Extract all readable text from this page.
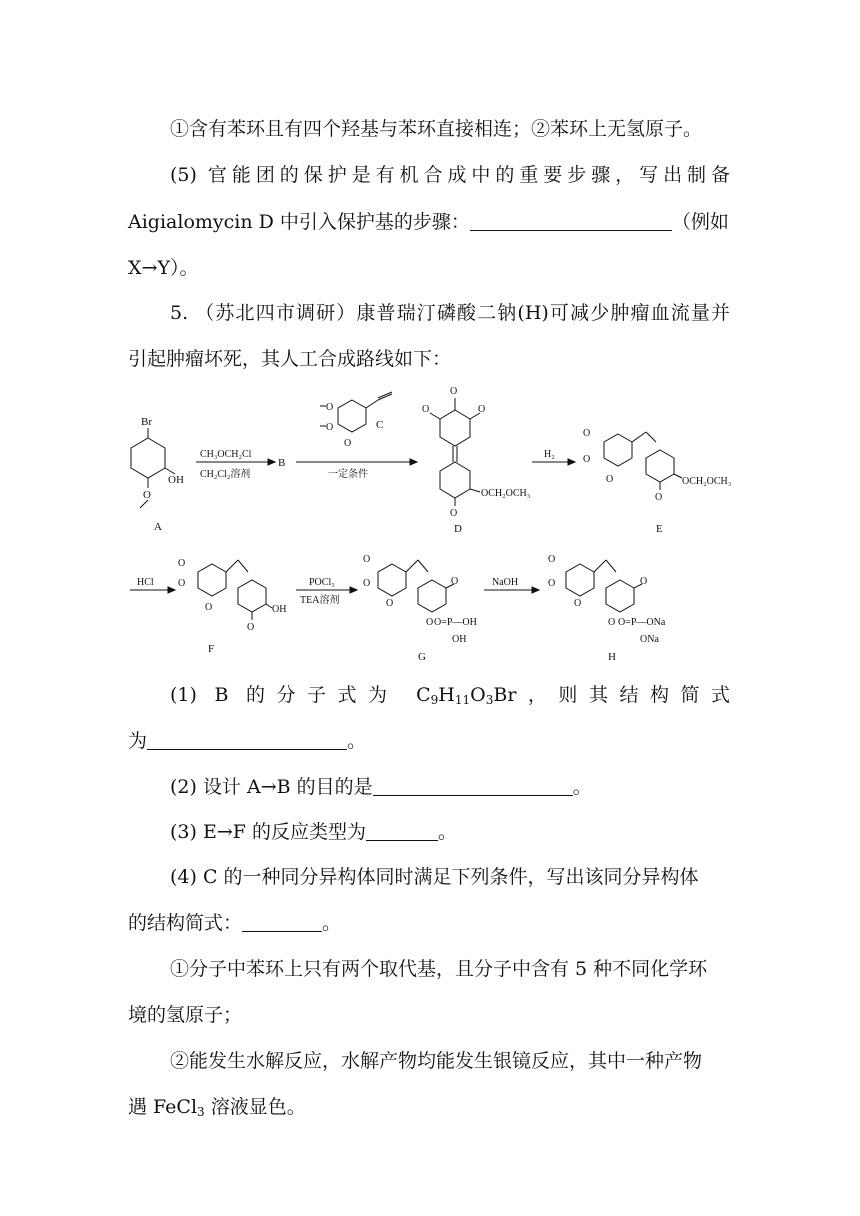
①含有苯环且有四个羟基与苯环直接相连；②苯环上无氢原子。
(5) 官能团的保护是有机合成中的重要步骤，写出制备
Aigialomycin D 中引入保护基的步骤：	（例如
X→Y）。
5. （苏北四市调研）康普瑞汀磷酸二钠(H)可减少肿瘤血流量并
引起肿瘤坏死，其人工合成路线如下：
Br
OH
O
A
CH₃OCH₂Cl
CH₂Cl₂溶剂
B
O
O
O
C
一定条件
O
O	O
OCH₂OCH₃
O
D
H₂
O
O
O	OCH₂OCH₃
O
E
HCl
O
O
O	OH
O
F
POCl₃
TEA溶剂
O
O
O
O
O=P—OH
OH
O
G
NaOH
O
O
O
O
O=P—ONa
ONa
O
H
(1) B 的分子式为 $C_9H_{11}O_3Br$，则其结构简式
为	。
(2) 设计 A→B 的目的是	。
(3) E→F 的反应类型为	。
(4) C 的一种同分异构体同时满足下列条件，写出该同分异构体
的结构简式：	。
①分子中苯环上只有两个取代基，且分子中含有 5 种不同化学环
境的氢原子；
②能发生水解反应，水解产物均能发生银镜反应，其中一种产物
遇 FeCl$_3$ 溶液显色。
